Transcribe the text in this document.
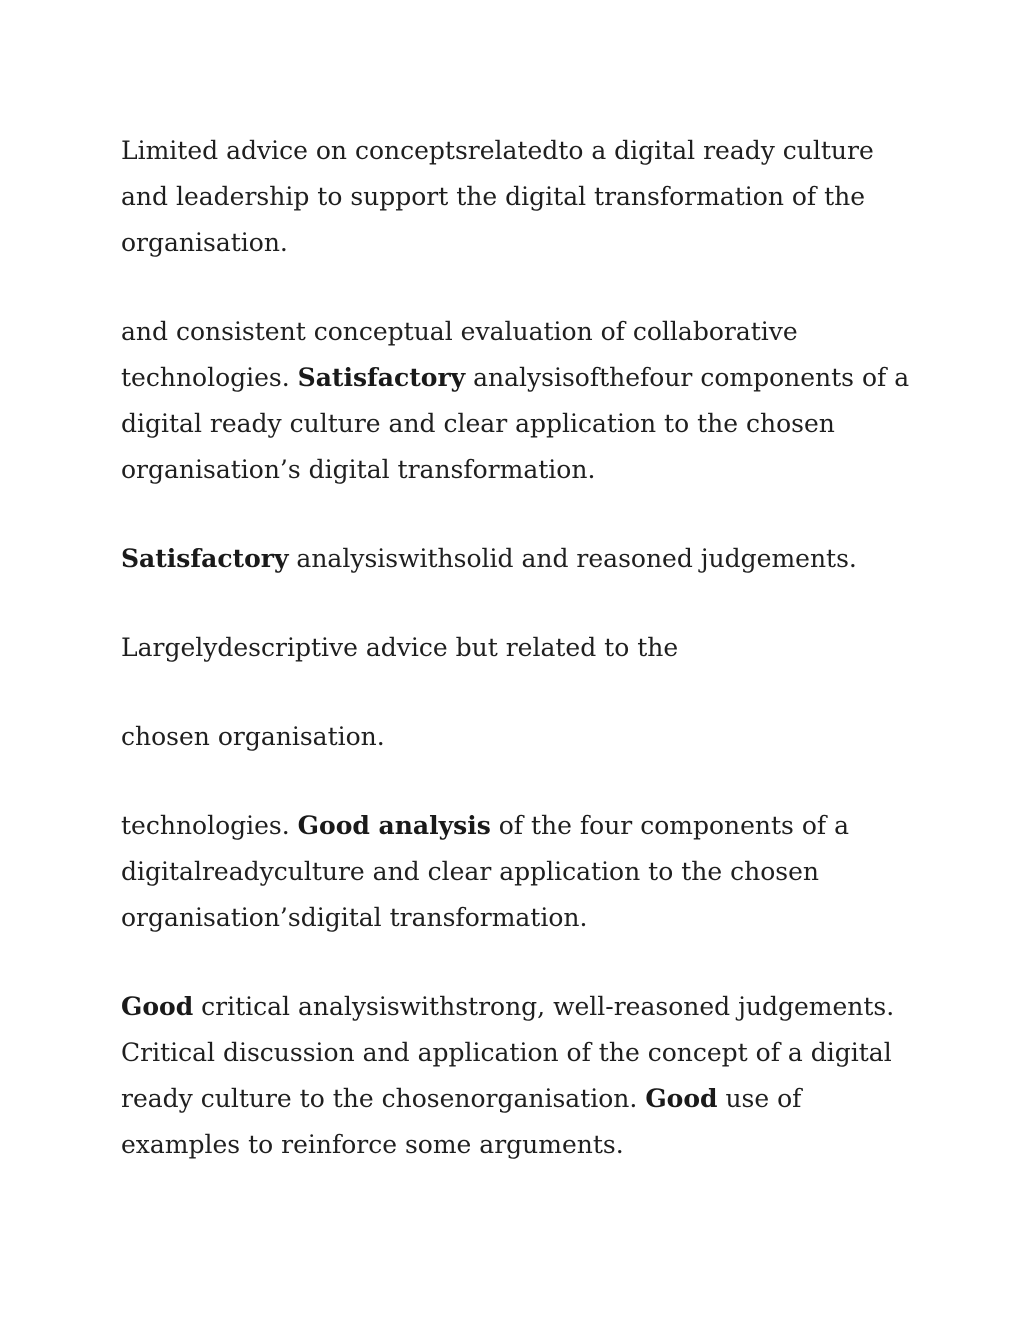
Limited advice on conceptsrelatedto a digital ready culture
and leadership to support the digital transformation of the
organisation.

and consistent conceptual evaluation of collaborative
technologies. Satisfactory analysisofthefour components of a
digital ready culture and clear application to the chosen
organisation’s digital transformation.

Satisfactory analysiswithsolid and reasoned judgements.

Largelydescriptive advice but related to the

chosen organisation.

technologies. Good analysis of the four components of a
digitalreadyculture and clear application to the chosen
organisation’sdigital transformation.

Good critical analysiswithstrong, well-reasoned judgements.
Critical discussion and application of the concept of a digital
ready culture to the chosenorganisation. Good use of
examples to reinforce some arguments.
